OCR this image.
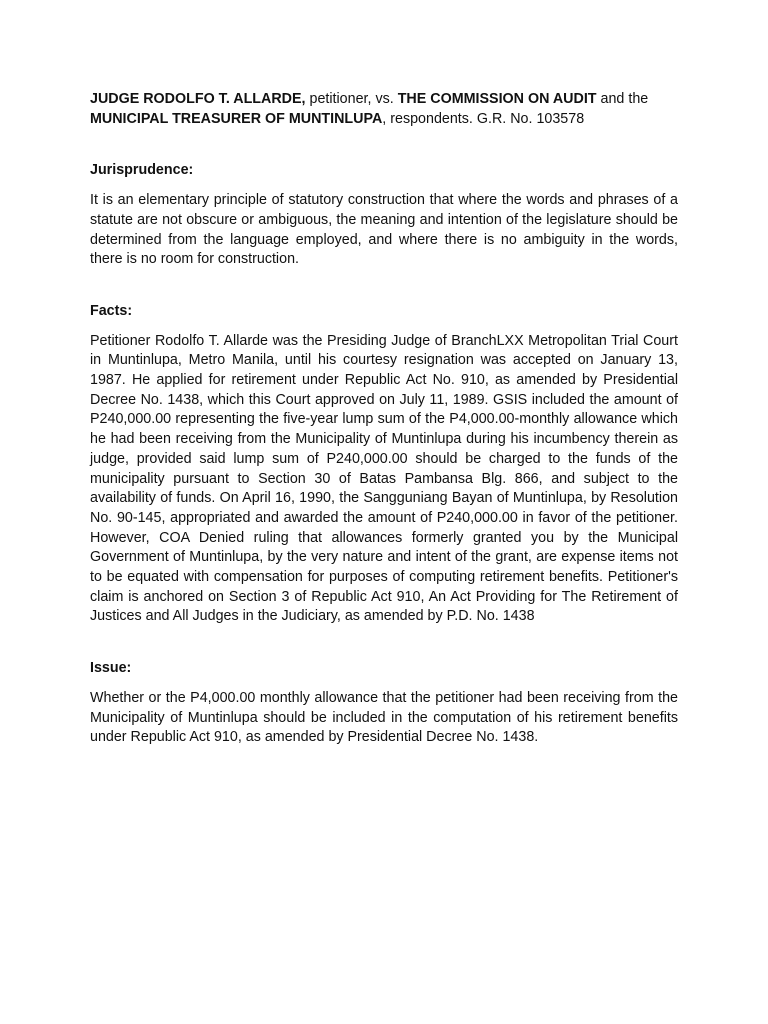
JUDGE RODOLFO T. ALLARDE, petitioner, vs. THE COMMISSION ON AUDIT and the MUNICIPAL TREASURER OF MUNTINLUPA, respondents. G.R. No. 103578

Jurisprudence:

It is an elementary principle of statutory construction that where the words and phrases of a statute are not obscure or ambiguous, the meaning and intention of the legislature should be determined from the language employed, and where there is no ambiguity in the words, there is no room for construction.

Facts:

Petitioner Rodolfo T. Allarde was the Presiding Judge of BranchLXX Metropolitan Trial Court in Muntinlupa, Metro Manila, until his courtesy resignation was accepted on January 13, 1987. He applied for retirement under Republic Act No. 910, as amended by Presidential Decree No. 1438, which this Court approved on July 11, 1989. GSIS included the amount of P240,000.00 representing the five-year lump sum of the P4,000.00-monthly allowance which he had been receiving from the Municipality of Muntinlupa during his incumbency therein as judge, provided said lump sum of P240,000.00 should be charged to the funds of the municipality pursuant to Section 30 of Batas Pambansa Blg. 866, and subject to the availability of funds. On April 16, 1990, the Sangguniang Bayan of Muntinlupa, by Resolution No. 90-145, appropriated and awarded the amount of P240,000.00 in favor of the petitioner. However, COA Denied ruling that allowances formerly granted you by the Municipal Government of Muntinlupa, by the very nature and intent of the grant, are expense items not to be equated with compensation for purposes of computing retirement benefits. Petitioner's claim is anchored on Section 3 of Republic Act 910, An Act Providing for The Retirement of Justices and All Judges in the Judiciary, as amended by P.D. No. 1438

Issue:

Whether or the P4,000.00 monthly allowance that the petitioner had been receiving from the Municipality of Muntinlupa should be included in the computation of his retirement benefits under Republic Act 910, as amended by Presidential Decree No. 1438.
